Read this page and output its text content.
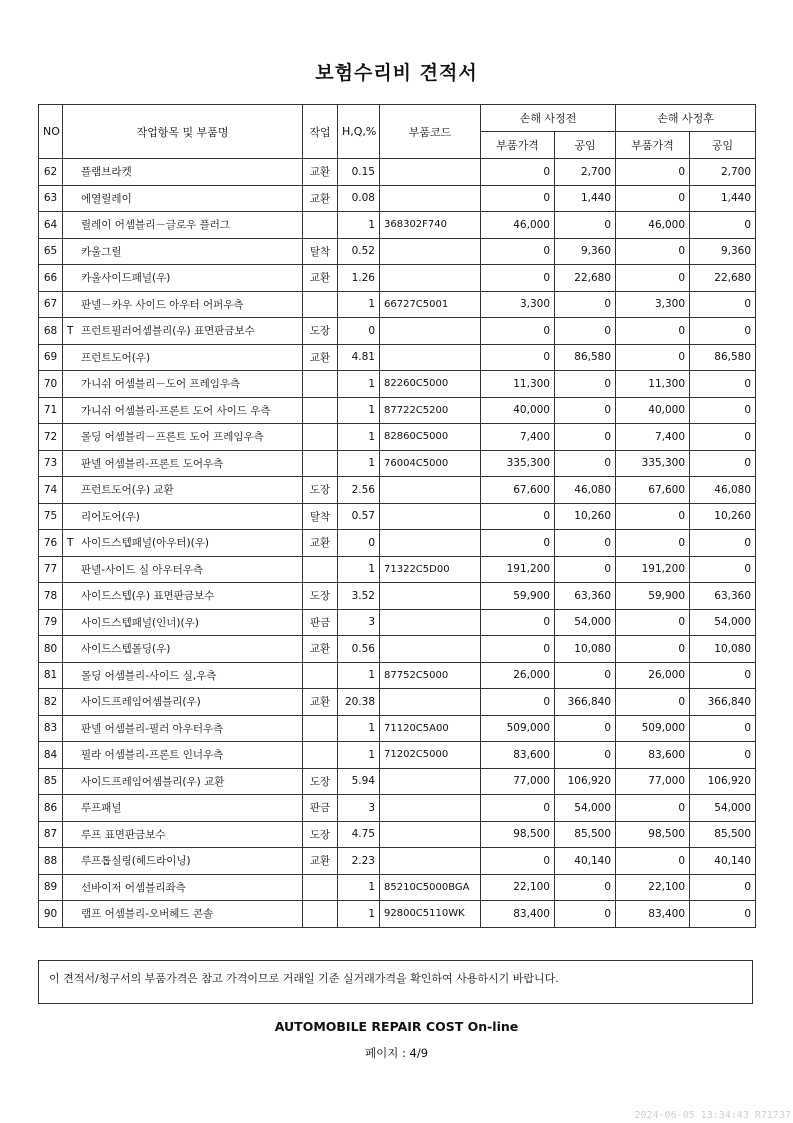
보험수리비 견적서
NO	작업항목 및 부품명	작업	H,Q,%	부품코드	손해 사정전		손해 사정후	
					부품가격	공임	부품가격	공임
62	플램브라켓	교환	0.15		0	2,700	0	2,700
63	에열릴레이	교환	0.08		0	1,440	0	1,440
64	릴레이 어셈블리－글로우 플러그		1	368302F740	46,000	0	46,000	0
65	카울그릴	탈착	0.52		0	9,360	0	9,360
66	카울사이드패널(우)	교환	1.26		0	22,680	0	22,680
67	판넬－카우 사이드 아우터 어퍼우측		1	66727C5001	3,300	0	3,300	0
68	T 프런트필러어셈블리(우) 표면판금보수	도장	0		0	0	0	0
69	프런트도어(우)	교환	4.81		0	86,580	0	86,580
70	가니쉬 어셈블리－도어 프레임우측		1	82260C5000	11,300	0	11,300	0
71	가니쉬 어셈블리-프론트 도어 사이드 우측		1	87722C5200	40,000	0	40,000	0
72	몰딩 어셈블리－프론트 도어 프레임우측		1	82860C5000	7,400	0	7,400	0
73	판넬 어셈블리-프론트 도어우측		1	76004C5000	335,300	0	335,300	0
74	프런트도어(우) 교환	도장	2.56		67,600	46,080	67,600	46,080
75	리어도어(우)	탈착	0.57		0	10,260	0	10,260
76	T 사이드스텝패널(아우터)(우)	교환	0		0	0	0	0
77	판넬-사이드 실 아우터우측		1	71322C5D00	191,200	0	191,200	0
78	사이드스텝(우) 표면판금보수	도장	3.52		59,900	63,360	59,900	63,360
79	사이드스텝패널(인너)(우)	판금	3		0	54,000	0	54,000
80	사이드스텝몰딩(우)	교환	0.56		0	10,080	0	10,080
81	몰딩 어셈블리-사이드 실,우측		1	87752C5000	26,000	0	26,000	0
82	사이드프레임어셈블리(우)	교환	20.38		0	366,840	0	366,840
83	판넬 어셈블리-필러 아우터우측		1	71120C5A00	509,000	0	509,000	0
84	필라 어셈블리-프론트 인너우측		1	71202C5000	83,600	0	83,600	0
85	사이드프레임어셈블리(우) 교환	도장	5.94		77,000	106,920	77,000	106,920
86	루프패널	판금	3		0	54,000	0	54,000
87	루프 표면판금보수	도장	4.75		98,500	85,500	98,500	85,500
88	루프톱실링(헤드라이닝)	교환	2.23		0	40,140	0	40,140
89	선바이저 어셈블리좌측		1	85210C5000BGA	22,100	0	22,100	0
90	램프 어셈블리-오버헤드 콘솔		1	92800C5110WK	83,400	0	83,400	0
이 견적서/청구서의 부품가격은 참고 가격이므로 거래일 기준 실거래가격을 확인하여 사용하시기 바랍니다.
AUTOMOBILE REPAIR COST On-line
페이지 : 4/9
2024-06-05 13:34:43 R71737
